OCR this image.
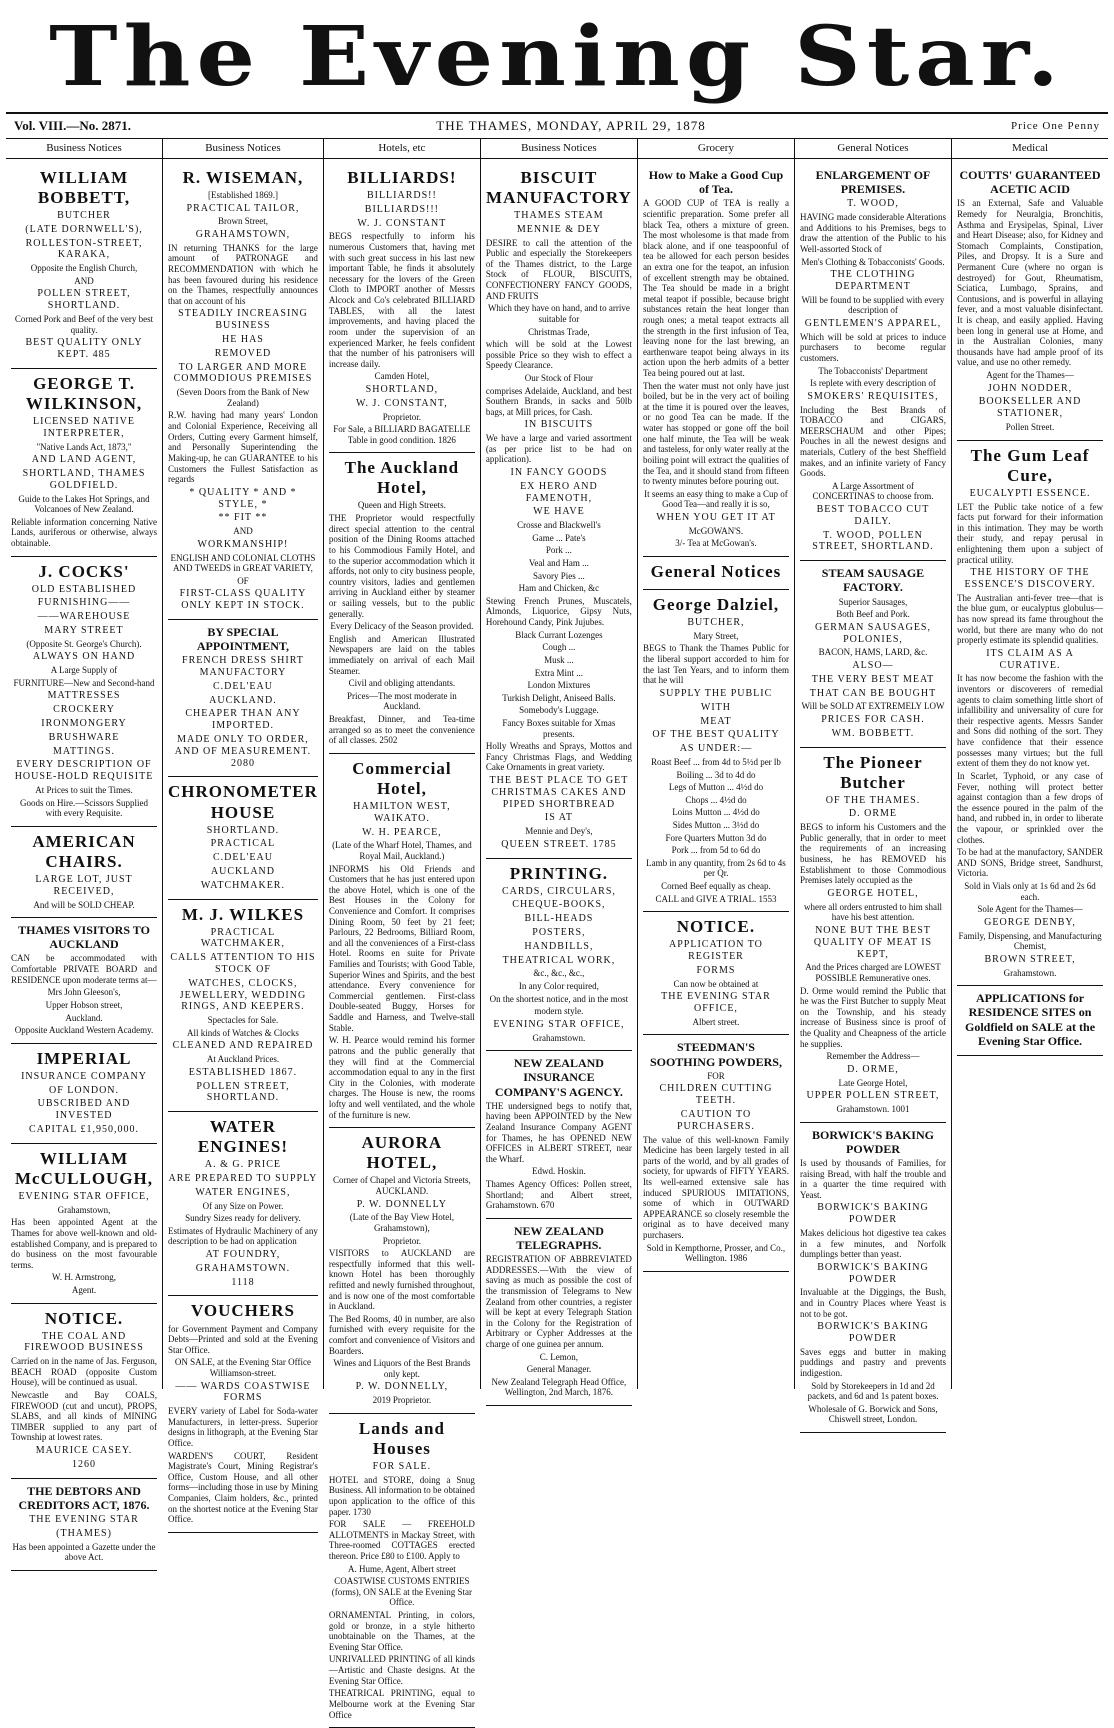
The Evening Star.
Vol. VIII.—No. 2871.	THE THAMES, MONDAY, APRIL 29, 1878	Price One Penny
Business Notices

WILLIAM BOBBETT,

BUTCHER

(LATE DORNWELL'S),

ROLLESTON-STREET, KARAKA,

Opposite the English Church,

AND

POLLEN STREET, SHORTLAND.

Corned Pork and Beef of the very best quality.

BEST QUALITY ONLY KEPT. 485

GEORGE T. WILKINSON,

LICENSED NATIVE INTERPRETER,

"Native Lands Act, 1873,"

AND LAND AGENT,

SHORTLAND, THAMES GOLDFIELD.

Guide to the Lakes Hot Springs, and Volcanoes of New Zealand.

Reliable information concerning Native Lands, auriferous or otherwise, always obtainable.

J. COCKS'

OLD ESTABLISHED

FURNISHING——

——WAREHOUSE

MARY STREET

(Opposite St. George's Church).

ALWAYS ON HAND

A Large Supply of

FURNITURE—New and Second-hand

MATTRESSES

CROCKERY

IRONMONGERY

BRUSHWARE

MATTINGS.

EVERY DESCRIPTION OF HOUSE-HOLD REQUISITE

At Prices to suit the Times.

Goods on Hire.—Scissors Supplied with every Requisite.

AMERICAN CHAIRS.

LARGE LOT, JUST RECEIVED,

And will be SOLD CHEAP.

THAMES VISITORS TO AUCKLAND

CAN be accommodated with Comfortable PRIVATE BOARD and RESIDENCE upon moderate terms at—

Mrs John Gleeson's,

Upper Hobson street,

Auckland.

Opposite Auckland Western Academy.

IMPERIAL

INSURANCE COMPANY

OF LONDON.

UBSCRIBED AND INVESTED

CAPITAL £1,950,000.

WILLIAM McCULLOUGH,

EVENING STAR OFFICE,

Grahamstown,

Has been appointed Agent at the Thames for above well-known and old-established Company, and is prepared to do business on the most favourable terms.

W. H. Armstrong,

Agent.

NOTICE.

THE COAL AND FIREWOOD BUSINESS

Carried on in the name of Jas. Ferguson, BEACH ROAD (opposite Custom House), will be continued as usual.

Newcastle and Bay COALS, FIREWOOD (cut and uncut), PROPS, SLABS, and all kinds of MINING TIMBER supplied to any part of Township at lowest rates.

MAURICE CASEY.

1260

THE DEBTORS AND CREDITORS ACT, 1876.

THE EVENING STAR

(THAMES)

Has been appointed a Gazette under the above Act.

Business Notices

R. WISEMAN,

[Established 1869.]

PRACTICAL TAILOR,

Brown Street,

GRAHAMSTOWN,

IN returning THANKS for the large amount of PATRONAGE and RECOMMENDATION with which he has been favoured during his residence on the Thames, respectfully announces that on account of his

STEADILY INCREASING BUSINESS

HE HAS

REMOVED

TO LARGER AND MORE COMMODIOUS PREMISES

(Seven Doors from the Bank of New Zealand)

R.W. having had many years' London and Colonial Experience, Receiving all Orders, Cutting every Garment himself, and Personally Superintending the Making-up, he can GUARANTEE to his Customers the Fullest Satisfaction as regards

* QUALITY * AND * STYLE, *

** FIT **

AND

WORKMANSHIP!

ENGLISH AND COLONIAL CLOTHS AND TWEEDS in GREAT VARIETY,

OF

FIRST-CLASS QUALITY ONLY KEPT IN STOCK.

BY SPECIAL APPOINTMENT,

FRENCH DRESS SHIRT MANUFACTORY

C.DEL'EAU

AUCKLAND.

CHEAPER THAN ANY IMPORTED.

MADE ONLY TO ORDER, AND OF MEASUREMENT. 2080

CHRONOMETER HOUSE

SHORTLAND.

PRACTICAL

C.DEL'EAU

AUCKLAND

WATCHMAKER.

M. J. WILKES

PRACTICAL WATCHMAKER,

CALLS ATTENTION TO HIS STOCK OF

WATCHES, CLOCKS, JEWELLERY, WEDDING RINGS, AND KEEPERS.

Spectacles for Sale.

All kinds of Watches & Clocks

CLEANED AND REPAIRED

At Auckland Prices.

ESTABLISHED 1867.

POLLEN STREET, SHORTLAND.

WATER ENGINES!

A. & G. PRICE

ARE PREPARED TO SUPPLY

WATER ENGINES,

Of any Size on Power.

Sundry Sizes ready for delivery.

Estimates of Hydraulic Machinery of any description to be had on application

AT FOUNDRY,

GRAHAMSTOWN.

1118

VOUCHERS

for Government Payment and Company Debts—Printed and sold at the Evening Star Office.

ON SALE, at the Evening Star Office Williamson-street.

—— WARDS COASTWISE FORMS

EVERY variety of Label for Soda-water Manufacturers, in letter-press. Superior designs in lithograph, at the Evening Star Office.

WARDEN'S COURT, Resident Magistrate's Court, Mining Registrar's Office, Custom House, and all other forms—including those in use by Mining Companies, Claim holders, &c., printed on the shortest notice at the Evening Star Office.

Hotels, etc

BILLIARDS!

BILLIARDS!!

BILLIARDS!!!

W. J. CONSTANT

BEGS respectfully to inform his numerous Customers that, having met with such great success in his last new important Table, he finds it absolutely necessary for the lovers of the Green Cloth to IMPORT another of Messrs Alcock and Co's celebrated BILLIARD TABLES, with all the latest improvements, and having placed the room under the supervision of an experienced Marker, he feels confident that the number of his patronisers will increase daily.

Camden Hotel,

SHORTLAND,

W. J. CONSTANT,

Proprietor.

For Sale, a BILLIARD BAGATELLE Table in good condition. 1826

The Auckland Hotel,

Queen and High Streets.

THE Proprietor would respectfully direct special attention to the central position of the Dining Rooms attached to his Commodious Family Hotel, and to the superior accommodation which it affords, not only to city business people, country visitors, ladies and gentlemen arriving in Auckland either by steamer or sailing vessels, but to the public generally.

Every Delicacy of the Season provided.

English and American Illustrated Newspapers are laid on the tables immediately on arrival of each Mail Steamer.

Civil and obliging attendants.

Prices—The most moderate in Auckland.

Breakfast, Dinner, and Tea-time arranged so as to meet the convenience of all classes. 2502

Commercial Hotel,

HAMILTON WEST, WAIKATO.

W. H. PEARCE,

(Late of the Wharf Hotel, Thames, and Royal Mail, Auckland.)

INFORMS his Old Friends and Customers that he has just entered upon the above Hotel, which is one of the Best Houses in the Colony for Convenience and Comfort. It comprises Dining Room, 50 feet by 21 feet; Parlours, 22 Bedrooms, Billiard Room, and all the conveniences of a First-class Hotel. Rooms en suite for Private Families and Tourists; with Good Table, Superior Wines and Spirits, and the best attendance. Every convenience for Commercial gentlemen. First-class Double-seated Buggy, Horses for Saddle and Harness, and Twelve-stall Stable.

W. H. Pearce would remind his former patrons and the public generally that they will find at the Commercial accommodation equal to any in the first City in the Colonies, with moderate charges. The House is new, the rooms lofty and well ventilated, and the whole of the furniture is new.

AURORA HOTEL,

Corner of Chapel and Victoria Streets, AUCKLAND.

P. W. DONNELLY

(Late of the Bay View Hotel, Grahamstown),

Proprietor.

VISITORS to AUCKLAND are respectfully informed that this well-known Hotel has been thoroughly refitted and newly furnished throughout, and is now one of the most comfortable in Auckland.

The Bed Rooms, 40 in number, are also furnished with every requisite for the comfort and convenience of Visitors and Boarders.

Wines and Liquors of the Best Brands only kept.

P. W. DONNELLY,

2019 Proprietor.

Lands and Houses

FOR SALE.

HOTEL and STORE, doing a Snug Business. All information to be obtained upon application to the office of this paper. 1730

FOR SALE — FREEHOLD ALLOTMENTS in Mackay Street, with Three-roomed COTTAGES erected thereon. Price £80 to £100. Apply to

A. Hume, Agent, Albert street

COASTWISE CUSTOMS ENTRIES (forms), ON SALE at the Evening Star Office.

ORNAMENTAL Printing, in colors, gold or bronze, in a style hitherto unobtainable on the Thames, at the Evening Star Office.

UNRIVALLED PRINTING of all kinds—Artistic and Chaste designs. At the Evening Star Office.

THEATRICAL PRINTING, equal to Melbourne work at the Evening Star Office

Business Notices

BISCUIT MANUFACTORY

THAMES STEAM

MENNIE & DEY

DESIRE to call the attention of the Public and especially the Storekeepers of the Thames district, to the Large Stock of FLOUR, BISCUITS, CONFECTIONERY FANCY GOODS, AND FRUITS

Which they have on hand, and to arrive suitable for

Christmas Trade,

which will be sold at the Lowest possible Price so they wish to effect a Speedy Clearance.

Our Stock of Flour

comprises Adelaide, Auckland, and best Southern Brands, in sacks and 50lb bags, at Mill prices, for Cash.

IN BISCUITS

We have a large and varied assortment (as per price list to be had on application).

IN FANCY GOODS

EX HERO AND FAMENOTH,

WE HAVE

Crosse and Blackwell's

Game ... Pate's

Pork ...

Veal and Ham ...

Savory Pies ...

Ham and Chicken, &c

Stewing French Prunes, Muscatels, Almonds, Liquorice, Gipsy Nuts, Horehound Candy, Pink Jujubes.

Black Currant Lozenges

Cough ...

Musk ...

Extra Mint ...

London Mixtures

Turkish Delight, Aniseed Balls.

Somebody's Luggage.

Fancy Boxes suitable for Xmas presents.

Holly Wreaths and Sprays, Mottos and Fancy Christmas Flags, and Wedding Cake Ornaments in great variety.

THE BEST PLACE TO GET CHRISTMAS CAKES AND PIPED SHORTBREAD

IS AT

Mennie and Dey's,

QUEEN STREET. 1785

PRINTING.

CARDS, CIRCULARS,

CHEQUE-BOOKS,

BILL-HEADS

POSTERS,

HANDBILLS,

THEATRICAL WORK,

&c., &c., &c.,

In any Color required,

On the shortest notice, and in the most

modern style.

EVENING STAR OFFICE,

Grahamstown.

NEW ZEALAND INSURANCE COMPANY'S AGENCY.

THE undersigned begs to notify that, having been APPOINTED by the New Zealand Insurance Company AGENT for Thames, he has OPENED NEW OFFICES in ALBERT STREET, near the Wharf.

Edwd. Hoskin.

Thames Agency Offices: Pollen street, Shortland; and Albert street, Grahamstown. 670

NEW ZEALAND TELEGRAPHS.

REGISTRATION OF ABBREVIATED ADDRESSES.—With the view of saving as much as possible the cost of the transmission of Telegrams to New Zealand from other countries, a register will be kept at every Telegraph Station in the Colony for the Registration of Arbitrary or Cypher Addresses at the charge of one guinea per annum.

C. Lemon,

General Manager.

New Zealand Telegraph Head Office, Wellington, 2nd March, 1876.

Grocery

How to Make a Good Cup of Tea.

A GOOD CUP of TEA is really a scientific preparation. Some prefer all black Tea, others a mixture of green. The most wholesome is that made from black alone, and if one teaspoonful of tea be allowed for each person besides an extra one for the teapot, an infusion of excellent strength may be obtained. The Tea should be made in a bright metal teapot if possible, because bright substances retain the heat longer than rough ones; a metal teapot extracts all the strength in the first infusion of Tea, leaving none for the last brewing, an earthenware teapot being always in its action upon the herb admits of a better Tea being poured out at last.

Then the water must not only have just boiled, but be in the very act of boiling at the time it is poured over the leaves, or no good Tea can be made. If the water has stopped or gone off the boil one half minute, the Tea will be weak and tasteless, for only water really at the boiling point will extract the qualities of the Tea, and it should stand from fifteen to twenty minutes before pouring out.

It seems an easy thing to make a Cup of Good Tea—and really it is so,

WHEN YOU GET IT AT

McGOWAN'S.

3/- Tea at McGowan's.

General Notices

George Dalziel,

BUTCHER,

Mary Street,

BEGS to Thank the Thames Public for the liberal support accorded to him for the last Ten Years, and to inform them that he will

SUPPLY THE PUBLIC

WITH

MEAT

OF THE BEST QUALITY

AS UNDER:—

Roast Beef ... from 4d to 5½d per lb

Boiling ... 3d to 4d do

Legs of Mutton ... 4½d do

Chops ... 4½d do

Loins Mutton ... 4½d do

Sides Mutton ... 3½d do

Fore Quarters Mutton 3d do

Pork ... from 5d to 6d do

Lamb in any quantity, from 2s 6d to 4s per Qr.

Corned Beef equally as cheap.

CALL and GIVE A TRIAL. 1553

NOTICE.

APPLICATION TO REGISTER

FORMS

Can now be obtained at

THE EVENING STAR OFFICE,

Albert street.

STEEDMAN'S SOOTHING POWDERS,

FOR

CHILDREN CUTTING TEETH.

CAUTION TO PURCHASERS.

The value of this well-known Family Medicine has been largely tested in all parts of the world, and by all grades of society, for upwards of FIFTY YEARS. Its well-earned extensive sale has induced SPURIOUS IMITATIONS, some of which in OUTWARD APPEARANCE so closely resemble the original as to have deceived many purchasers.

Sold in Kempthorne, Prosser, and Co., Wellington. 1986

General Notices

ENLARGEMENT OF PREMISES.

T. WOOD,

HAVING made considerable Alterations and Additions to his Premises, begs to draw the attention of the Public to his Well-assorted Stock of

Men's Clothing & Tobacconists' Goods.

THE CLOTHING DEPARTMENT

Will be found to be supplied with every description of

GENTLEMEN'S APPAREL,

Which will be sold at prices to induce purchasers to become regular customers.

The Tobacconists' Department

Is replete with every description of

SMOKERS' REQUISITES,

Including the Best Brands of TOBACCO and CIGARS, MEERSCHAUM and other Pipes; Pouches in all the newest designs and materials, Cutlery of the best Sheffield makes, and an infinite variety of Fancy Goods.

A Large Assortment of CONCERTINAS to choose from.

BEST TOBACCO CUT DAILY.

T. WOOD, POLLEN STREET, SHORTLAND.

STEAM SAUSAGE FACTORY.

Superior Sausages,

Both Beef and Pork.

GERMAN SAUSAGES, POLONIES,

BACON, HAMS, LARD, &c.

ALSO—

THE VERY BEST MEAT

THAT CAN BE BOUGHT

Will be SOLD AT EXTREMELY LOW

PRICES FOR CASH.

WM. BOBBETT.

The Pioneer Butcher

OF THE THAMES.

D. ORME

BEGS to inform his Customers and the Public generally, that in order to meet the requirements of an increasing business, he has REMOVED his Establishment to those Commodious Premises lately occupied as the

GEORGE HOTEL,

where all orders entrusted to him shall have his best attention.

NONE BUT THE BEST QUALITY OF MEAT IS KEPT,

And the Prices charged are LOWEST POSSIBLE Remunerative ones.

D. Orme would remind the Public that he was the First Butcher to supply Meat on the Township, and his steady increase of Business since is proof of the Quality and Cheapness of the article he supplies.

Remember the Address—

D. ORME,

Late George Hotel,

UPPER POLLEN STREET,

Grahamstown. 1001

BORWICK'S BAKING POWDER

Is used by thousands of Families, for raising Bread, with half the trouble and in a quarter the time required with Yeast.

BORWICK'S BAKING POWDER

Makes delicious hot digestive tea cakes in a few minutes, and Norfolk dumplings better than yeast.

BORWICK'S BAKING POWDER

Invaluable at the Diggings, the Bush, and in Country Places where Yeast is not to be got.

BORWICK'S BAKING POWDER

Saves eggs and butter in making puddings and pastry and prevents indigestion.

Sold by Storekeepers in 1d and 2d packets, and 6d and 1s patent boxes.

Wholesale of G. Borwick and Sons, Chiswell street, London.

Medical

COUTTS' GUARANTEED ACETIC ACID

IS an External, Safe and Valuable Remedy for Neuralgia, Bronchitis, Asthma and Erysipelas, Spinal, Liver and Heart Disease; also, for Kidney and Stomach Complaints, Constipation, Piles, and Dropsy. It is a Sure and Permanent Cure (where no organ is destroyed) for Gout, Rheumatism, Sciatica, Lumbago, Sprains, and Contusions, and is powerful in allaying fever, and a most valuable disinfectant. It is cheap, and easily applied. Having been long in general use at Home, and in the Australian Colonies, many thousands have had ample proof of its value, and use no other remedy.

Agent for the Thames—

JOHN NODDER,

BOOKSELLER AND STATIONER,

Pollen Street.

The Gum Leaf Cure,

EUCALYPTI ESSENCE.

LET the Public take notice of a few facts put forward for their information in this intimation. They may be worth their study, and repay perusal in enlightening them upon a subject of practical utility.

THE HISTORY OF THE ESSENCE'S DISCOVERY.

The Australian anti-fever tree—that is the blue gum, or eucalyptus globulus—has now spread its fame throughout the world, but there are many who do not properly estimate its splendid qualities.

ITS CLAIM AS A CURATIVE.

It has now become the fashion with the inventors or discoverers of remedial agents to claim something little short of infallibility and universality of cure for their respective agents. Messrs Sander and Sons did nothing of the sort. They have confidence that their essence possesses many virtues; but the full extent of them they do not know yet.

In Scarlet, Typhoid, or any case of Fever, nothing will protect better against contagion than a few drops of the essence poured in the palm of the hand, and rubbed in, in order to liberate the vapour, or sprinkled over the clothes.

To be had at the manufactory, SANDER AND SONS, Bridge street, Sandhurst, Victoria.

Sold in Vials only at 1s 6d and 2s 6d each.

Sole Agent for the Thames—

GEORGE DENBY,

Family, Dispensing, and Manufacturing Chemist,

BROWN STREET,

Grahamstown.

APPLICATIONS for RESIDENCE SITES on Goldfield on SALE at the Evening Star Office.
